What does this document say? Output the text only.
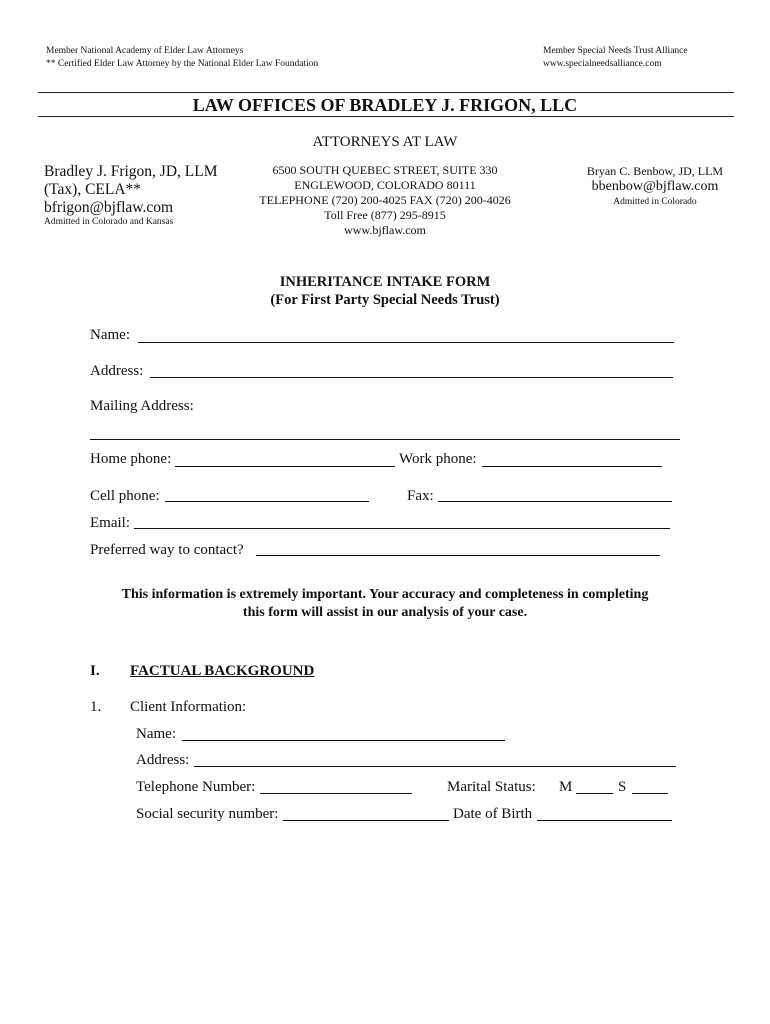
Member National Academy of Elder Law Attorneys
** Certified Elder Law Attorney by the National Elder Law Foundation
Member Special Needs Trust Alliance
www.specialneedsalliance.com
LAW OFFICES OF BRADLEY J. FRIGON, LLC
ATTORNEYS AT LAW
Bradley J. Frigon, JD, LLM
(Tax), CELA**
bfrigon@bjflaw.com
Admitted in Colorado and Kansas
6500 SOUTH QUEBEC STREET, SUITE 330
ENGLEWOOD, COLORADO 80111
TELEPHONE (720) 200-4025 FAX (720) 200-4026
Toll Free (877) 295-8915
www.bjflaw.com
Bryan C. Benbow, JD, LLM
bbenbow@bjflaw.com
Admitted in Colorado
INHERITANCE INTAKE FORM
(For First Party Special Needs Trust)
Name:
Address:
Mailing Address:
Home phone:	Work phone:
Cell phone:	Fax:
Email:
Preferred way to contact?
This information is extremely important. Your accuracy and completeness in completing
this form will assist in our analysis of your case.
I. FACTUAL BACKGROUND
1. Client Information:
Name:
Address:
Telephone Number:	Marital Status: M	S
Social security number:	Date of Birth
